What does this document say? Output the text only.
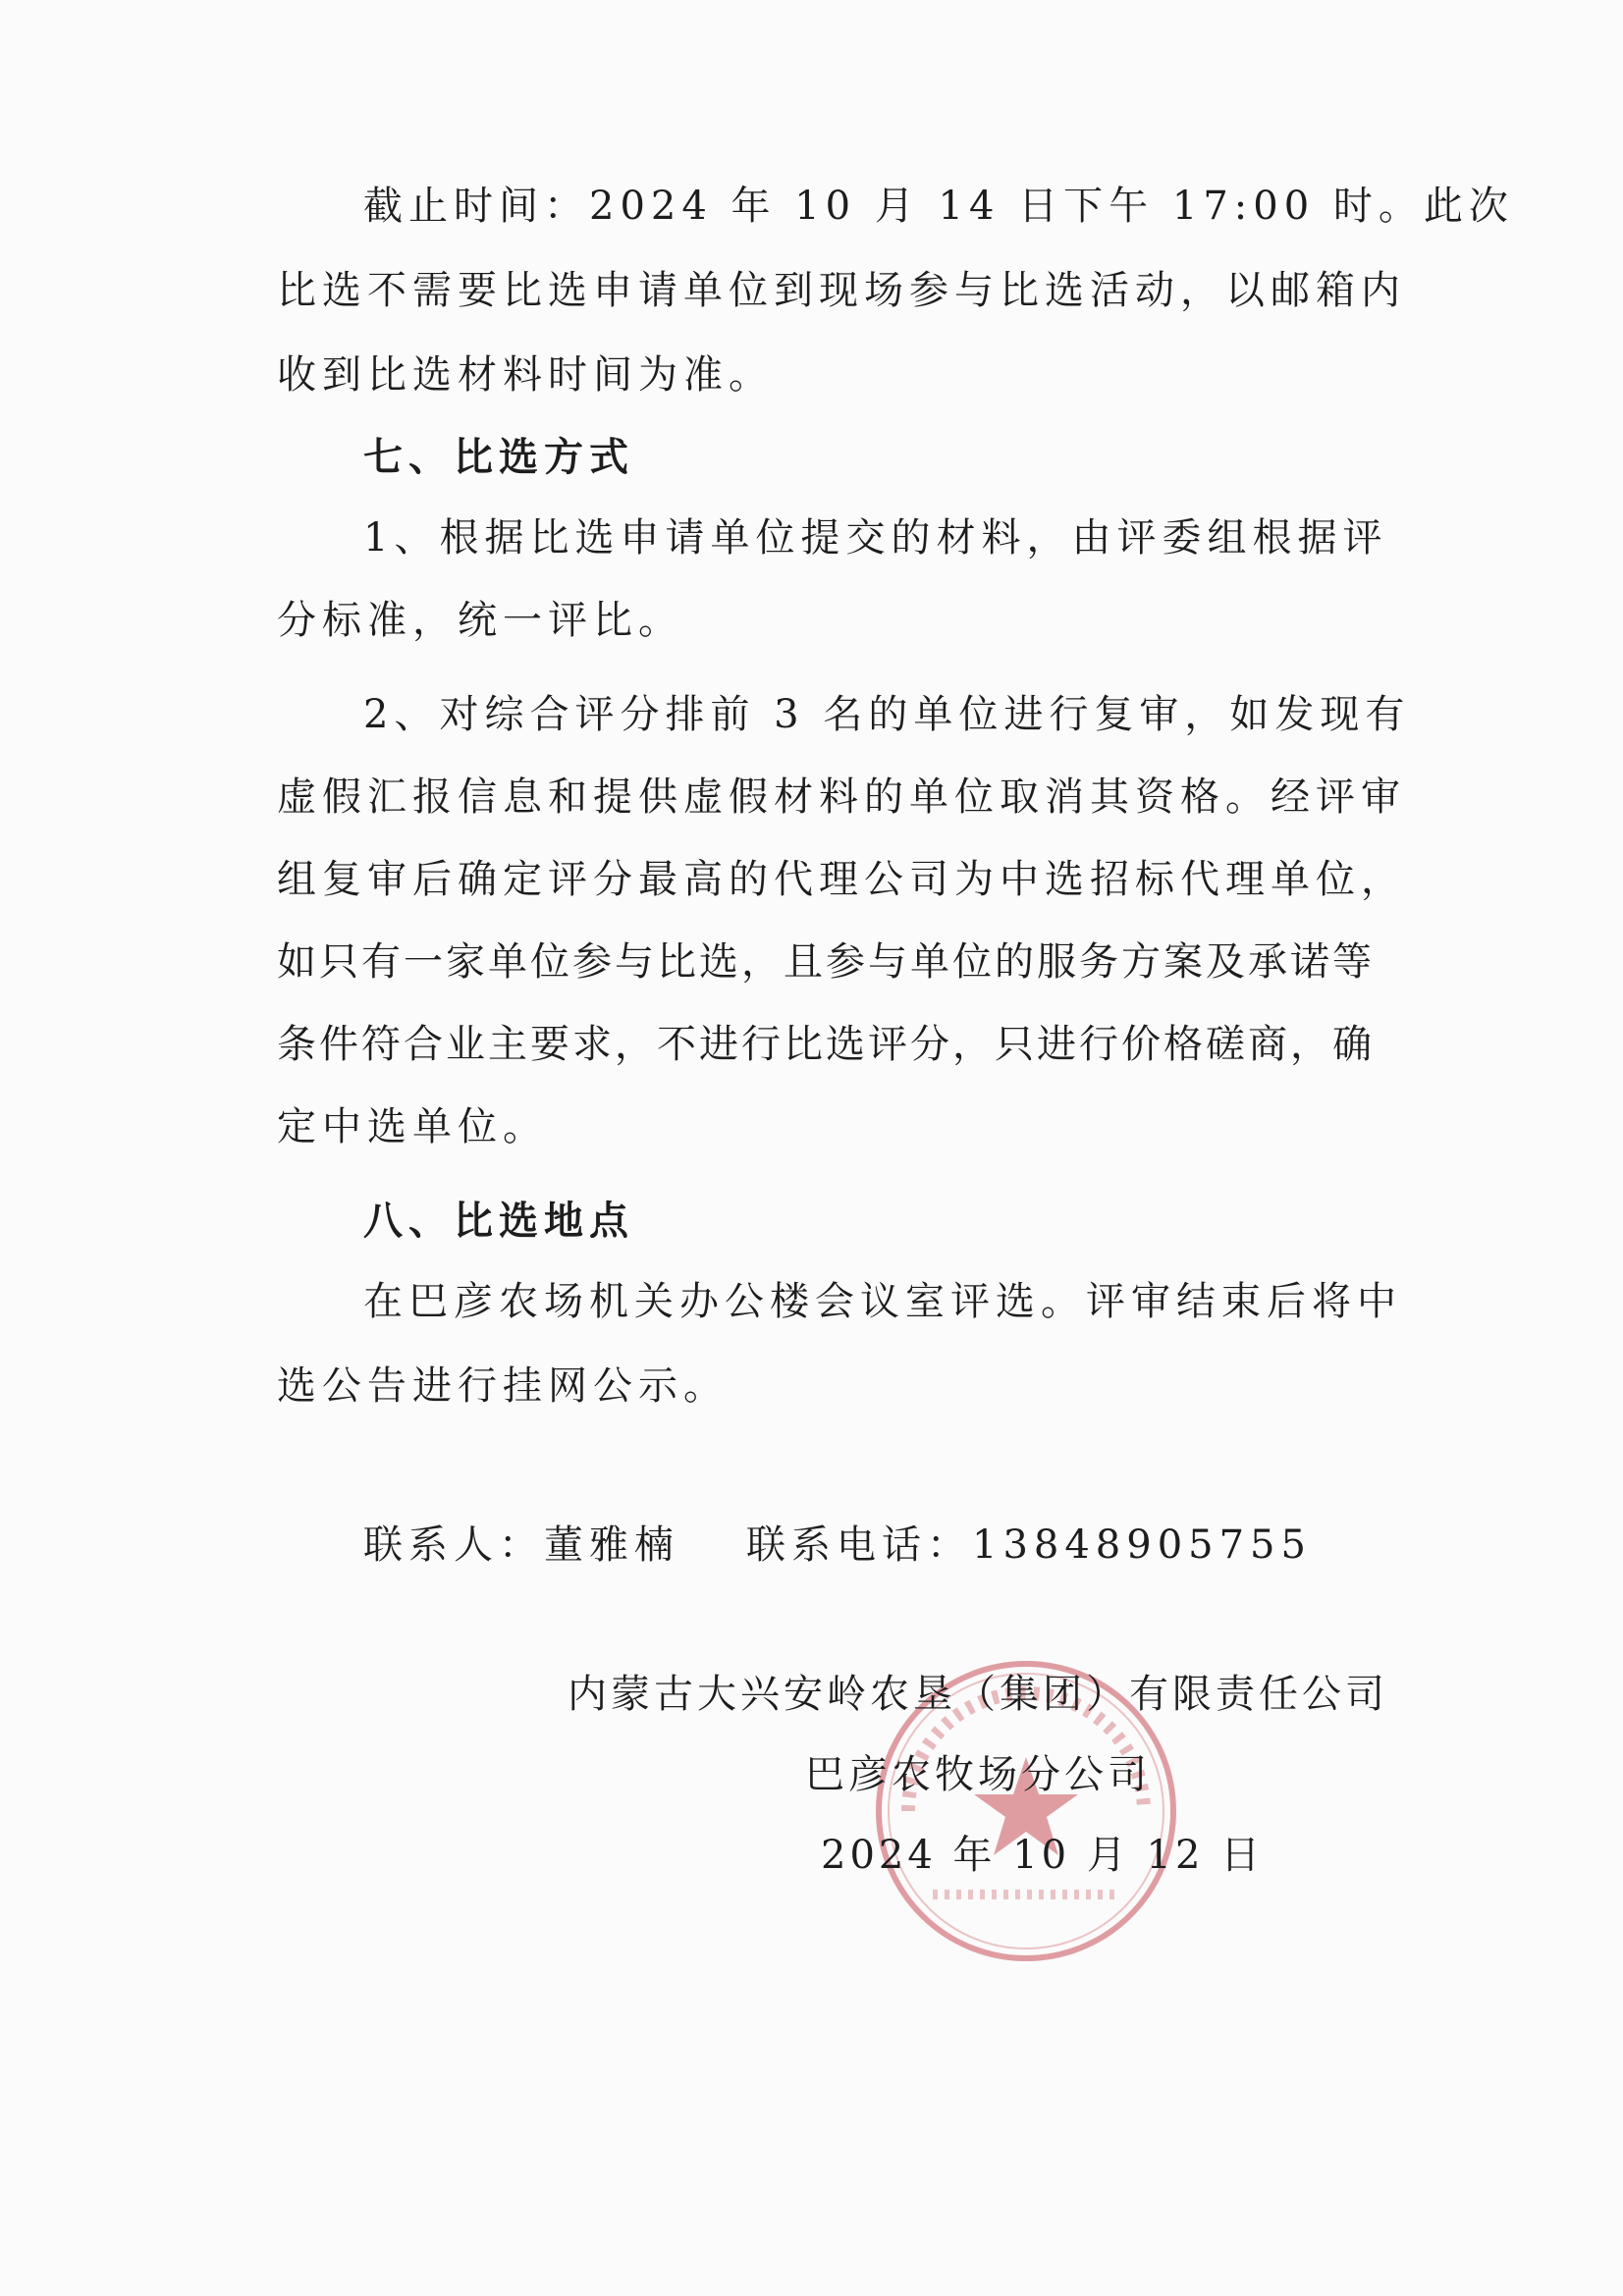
截止时间：2024 年 10 月 14 日下午 17:00 时。此次
比选不需要比选申请单位到现场参与比选活动，以邮箱内
收到比选材料时间为准。
七、比选方式
1、根据比选申请单位提交的材料，由评委组根据评
分标准，统一评比。
2、对综合评分排前 3 名的单位进行复审，如发现有
虚假汇报信息和提供虚假材料的单位取消其资格。经评审
组复审后确定评分最高的代理公司为中选招标代理单位，
如只有一家单位参与比选，且参与单位的服务方案及承诺等
条件符合业主要求，不进行比选评分，只进行价格磋商，确
定中选单位。
八、比选地点
在巴彦农场机关办公楼会议室评选。评审结束后将中
选公告进行挂网公示。
联系人：董雅楠 联系电话：13848905755
内蒙古大兴安岭农垦（集团）有限责任公司
巴彦农牧场分公司
2024 年 10 月 12 日
